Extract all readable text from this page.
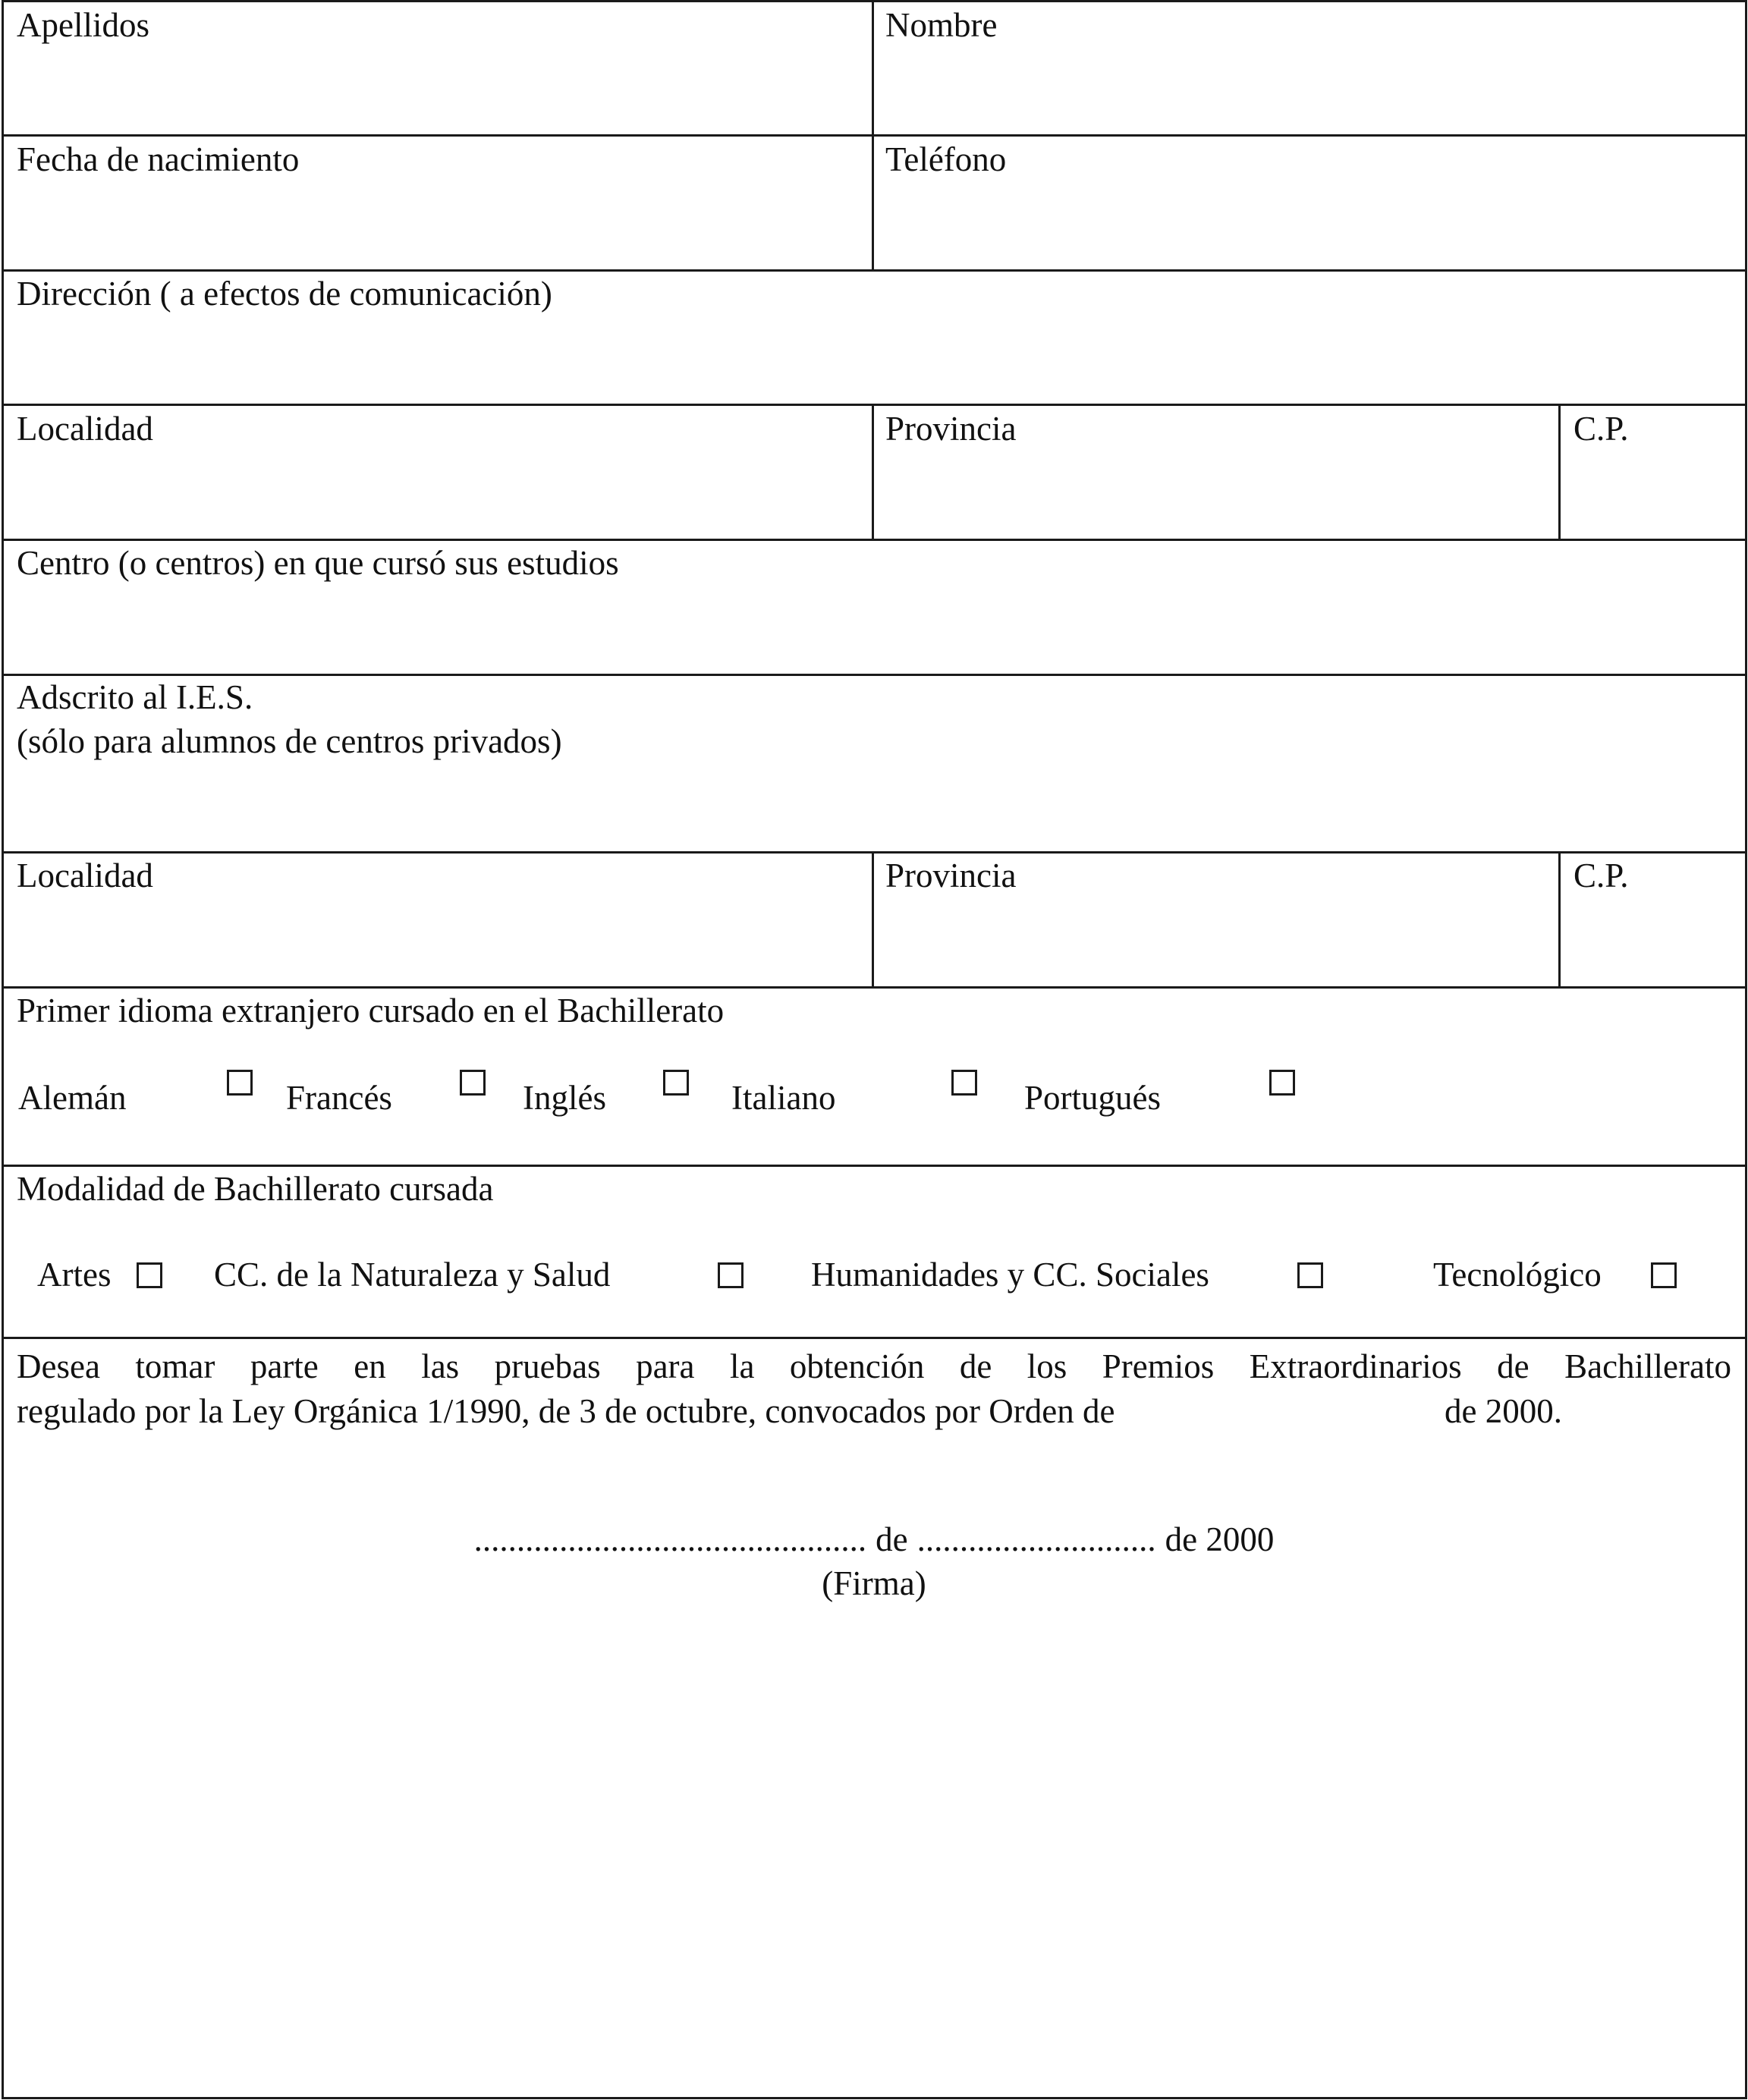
Apellidos	Nombre
Fecha de nacimiento	Teléfono
Dirección ( a efectos de comunicación)
Localidad	Provincia	C.P.
Centro (o centros) en que cursó sus estudios
Adscrito al I.E.S.
(sólo para alumnos de centros privados)
Localidad	Provincia	C.P.
Primer idioma extranjero cursado en el Bachillerato
Alemán	Francés	Inglés	Italiano	Portugués
Modalidad de Bachillerato cursada
Artes	CC. de la Naturaleza y Salud	Humanidades y CC. Sociales	Tecnológico
Desea tomar parte en las pruebas para la obtención de los Premios Extraordinarios de Bachillerato
regulado por la Ley Orgánica 1/1990, de 3 de octubre, convocados por Orden de	de 2000.
.............................................. de ............................ de 2000
(Firma)
